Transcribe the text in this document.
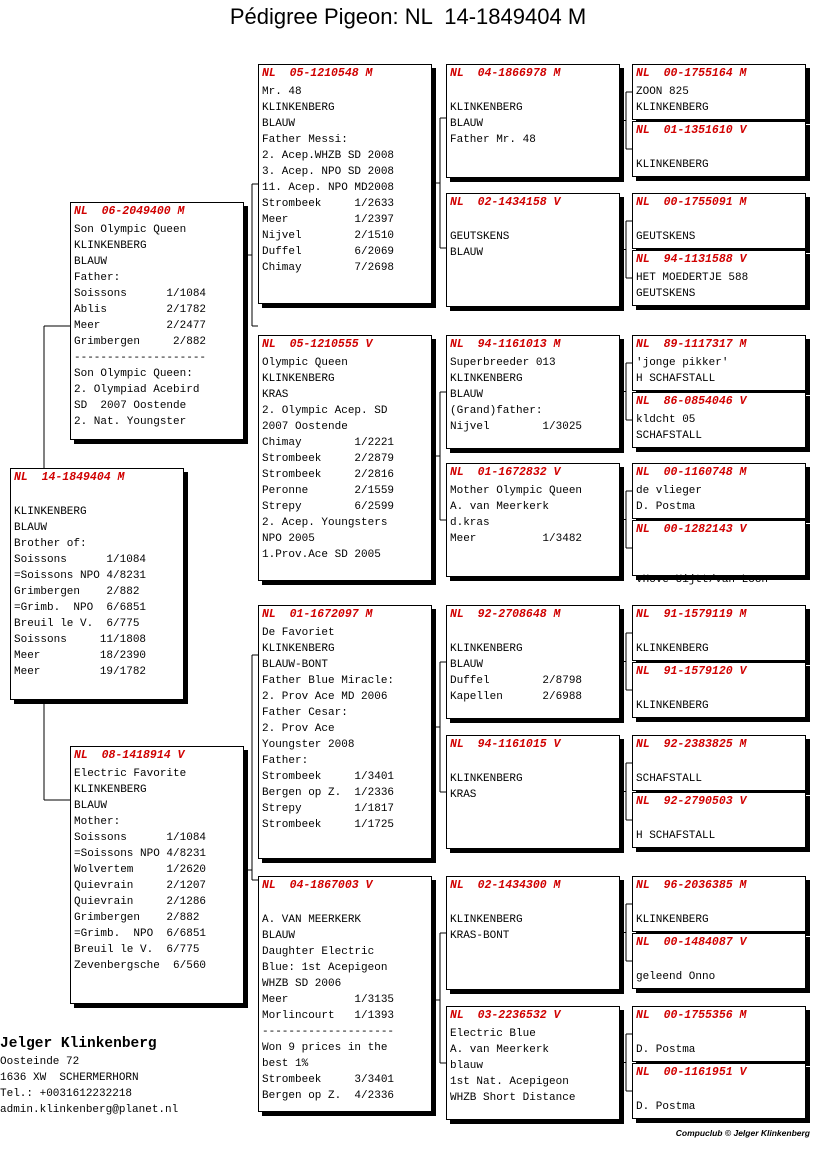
Pédigree Pigeon: NL  14-1849404 M
NL  14-1849404 M
KLINKENBERG
BLAUW
Brother of:
Soissons      1/1084
=Soissons NPO 4/8231
Grimbergen    2/882
=Grimb.  NPO  6/6851
Breuil le V.  6/775
Soissons     11/1808
Meer         18/2390
Meer         19/1782
NL  06-2049400 M
Son Olympic Queen
KLINKENBERG
BLAUW
Father:
Soissons      1/1084
Ablis         2/1782
Meer          2/2477
Grimbergen     2/882
--------------------
Son Olympic Queen:
2. Olympiad Acebird
SD  2007 Oostende
2. Nat. Youngster
NL  08-1418914 V
Electric Favorite
KLINKENBERG
BLAUW
Mother:
Soissons      1/1084
=Soissons NPO 4/8231
Wolvertem     1/2620
Quievrain     2/1207
Quievrain     2/1286
Grimbergen    2/882
=Grimb.  NPO  6/6851
Breuil le V.  6/775
Zevenbergsche  6/560
NL  05-1210548 M
Mr. 48
KLINKENBERG
BLAUW
Father Messi:
2. Acep.WHZB SD 2008
3. Acep. NPO SD 2008
11. Acep. NPO MD2008
Strombeek     1/2633
Meer          1/2397
Nijvel        2/1510
Duffel        6/2069
Chimay        7/2698
NL  05-1210555 V
Olympic Queen
KLINKENBERG
KRAS
2. Olympic Acep. SD
2007 Oostende
Chimay        1/2221
Strombeek     2/2879
Strombeek     2/2816
Peronne       2/1559
Strepy        6/2599
2. Acep. Youngsters
NPO 2005
1.Prov.Ace SD 2005
NL  01-1672097 M
De Favoriet
KLINKENBERG
BLAUW-BONT
Father Blue Miracle:
2. Prov Ace MD 2006
Father Cesar:
2. Prov Ace
Youngster 2008
Father:
Strombeek     1/3401
Bergen op Z.  1/2336
Strepy        1/1817
Strombeek     1/1725
NL  04-1867003 V
A. VAN MEERKERK
BLAUW
Daughter Electric
Blue: 1st Acepigeon
WHZB SD 2006
Meer          1/3135
Morlincourt   1/1393
--------------------
Won 9 prices in the
best 1%
Strombeek     3/3401
Bergen op Z.  4/2336
NL  04-1866978 M
KLINKENBERG
BLAUW
Father Mr. 48
NL  02-1434158 V
GEUTSKENS
BLAUW
NL  94-1161013 M
Superbreeder 013
KLINKENBERG
BLAUW
(Grand)father:
Nijvel        1/3025
NL  01-1672832 V
Mother Olympic Queen
A. van Meerkerk
d.kras
Meer          1/3482
NL  92-2708648 M
KLINKENBERG
BLAUW
Duffel        2/8798
Kapellen      2/6988
NL  94-1161015 V
KLINKENBERG
KRAS
NL  02-1434300 M
KLINKENBERG
KRAS-BONT
NL  03-2236532 V
Electric Blue
A. van Meerkerk
blauw
1st Nat. Acepigeon
WHZB Short Distance
NL  00-1755164 M
ZOON 825
KLINKENBERG
NL  01-1351610 V
KLINKENBERG
NL  00-1755091 M
GEUTSKENS
NL  94-1131588 V
HET MOEDERTJE 588
GEUTSKENS
NL  89-1117317 M
'jonge pikker'
H SCHAFSTALL
NL  86-0854046 V
kldcht 05
SCHAFSTALL
NL  00-1160748 M
de vlieger
D. Postma
NL  00-1282143 V
vHove-Uijtt/van Loon
NL  91-1579119 M
KLINKENBERG
NL  91-1579120 V
KLINKENBERG
NL  92-2383825 M
SCHAFSTALL
NL  92-2790503 V
H SCHAFSTALL
NL  96-2036385 M
KLINKENBERG
NL  00-1484087 V
geleend Onno
NL  00-1755356 M
D. Postma
NL  00-1161951 V
D. Postma
Jelger Klinkenberg
Oosteinde 72
1636 XW  SCHERMERHORN
Tel.: +0031612232218
admin.klinkenberg@planet.nl
Compuclub © Jelger Klinkenberg
